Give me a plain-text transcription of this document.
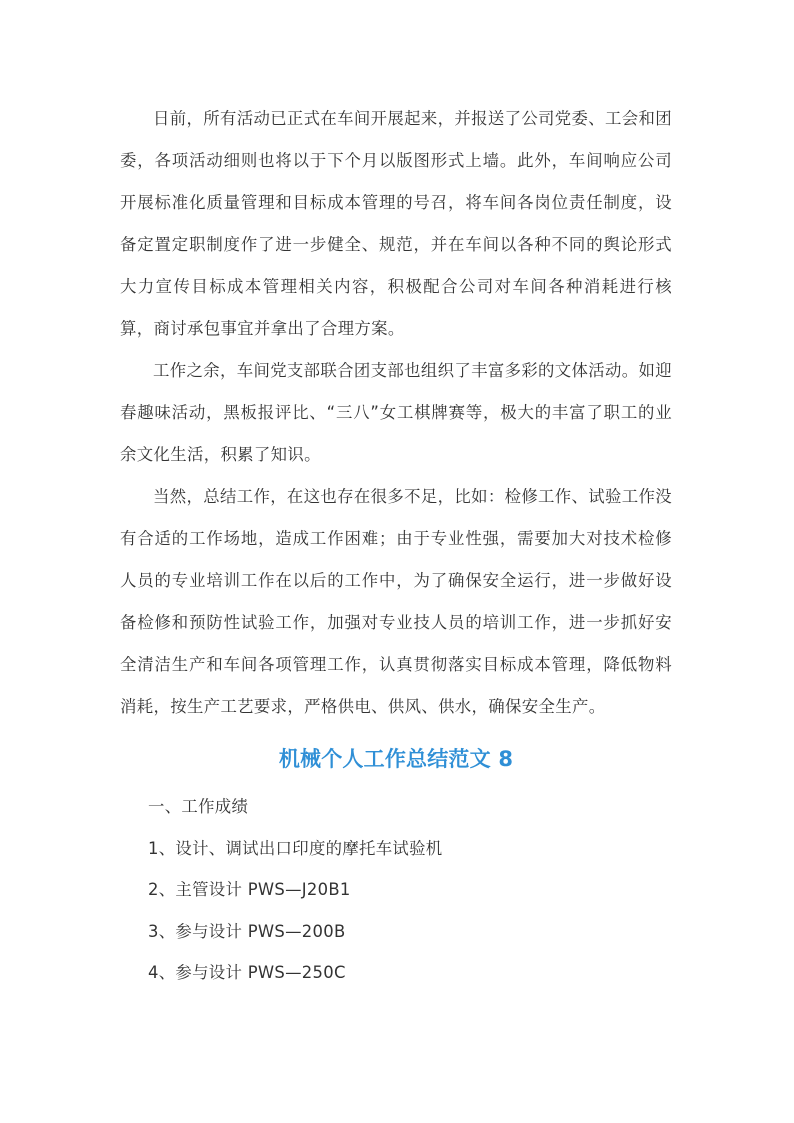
日前，所有活动已正式在车间开展起来，并报送了公司党委、工会和团委，各项活动细则也将以于下个月以版图形式上墙。此外，车间响应公司开展标准化质量管理和目标成本管理的号召，将车间各岗位责任制度，设备定置定职制度作了进一步健全、规范，并在车间以各种不同的舆论形式大力宣传目标成本管理相关内容，积极配合公司对车间各种消耗进行核算，商讨承包事宜并拿出了合理方案。

工作之余，车间党支部联合团支部也组织了丰富多彩的文体活动。如迎春趣味活动，黑板报评比、“三八”女工棋牌赛等，极大的丰富了职工的业余文化生活，积累了知识。

当然，总结工作，在这也存在很多不足，比如：检修工作、试验工作没有合适的工作场地，造成工作困难；由于专业性强，需要加大对技术检修人员的专业培训工作在以后的工作中，为了确保安全运行，进一步做好设备检修和预防性试验工作，加强对专业技人员的培训工作，进一步抓好安全清洁生产和车间各项管理工作，认真贯彻落实目标成本管理，降低物料消耗，按生产工艺要求，严格供电、供风、供水，确保安全生产。

机械个人工作总结范文 8

一、工作成绩

1、设计、调试出口印度的摩托车试验机

2、主管设计 PWS—J20B1

3、参与设计 PWS—200B

4、参与设计 PWS—250C
